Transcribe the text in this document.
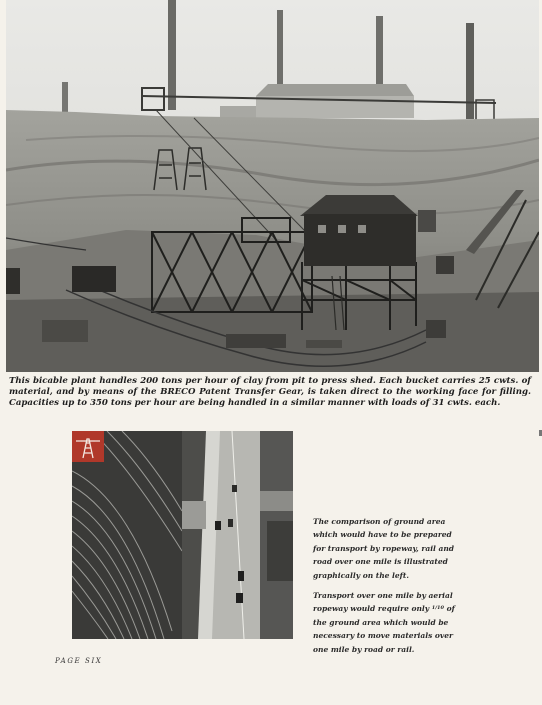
This bicable plant handles 200 tons per hour of clay from pit to press shed. Each bucket carries 25 cwts. of material, and by means of the BRECO Patent Transfer Gear, is taken direct to the working face for filling. Capacities up to 350 tons per hour are being handled in a similar manner with loads of 31 cwts. each.

The comparison of ground area which would have to be prepared for transport by ropeway, rail and road over one mile is illustrated graphically on the left.

Transport over one mile by aerial ropeway would require only $^{1/10}$ of the ground area which would be necessary to move materials over one mile by road or rail.

PAGE SIX
